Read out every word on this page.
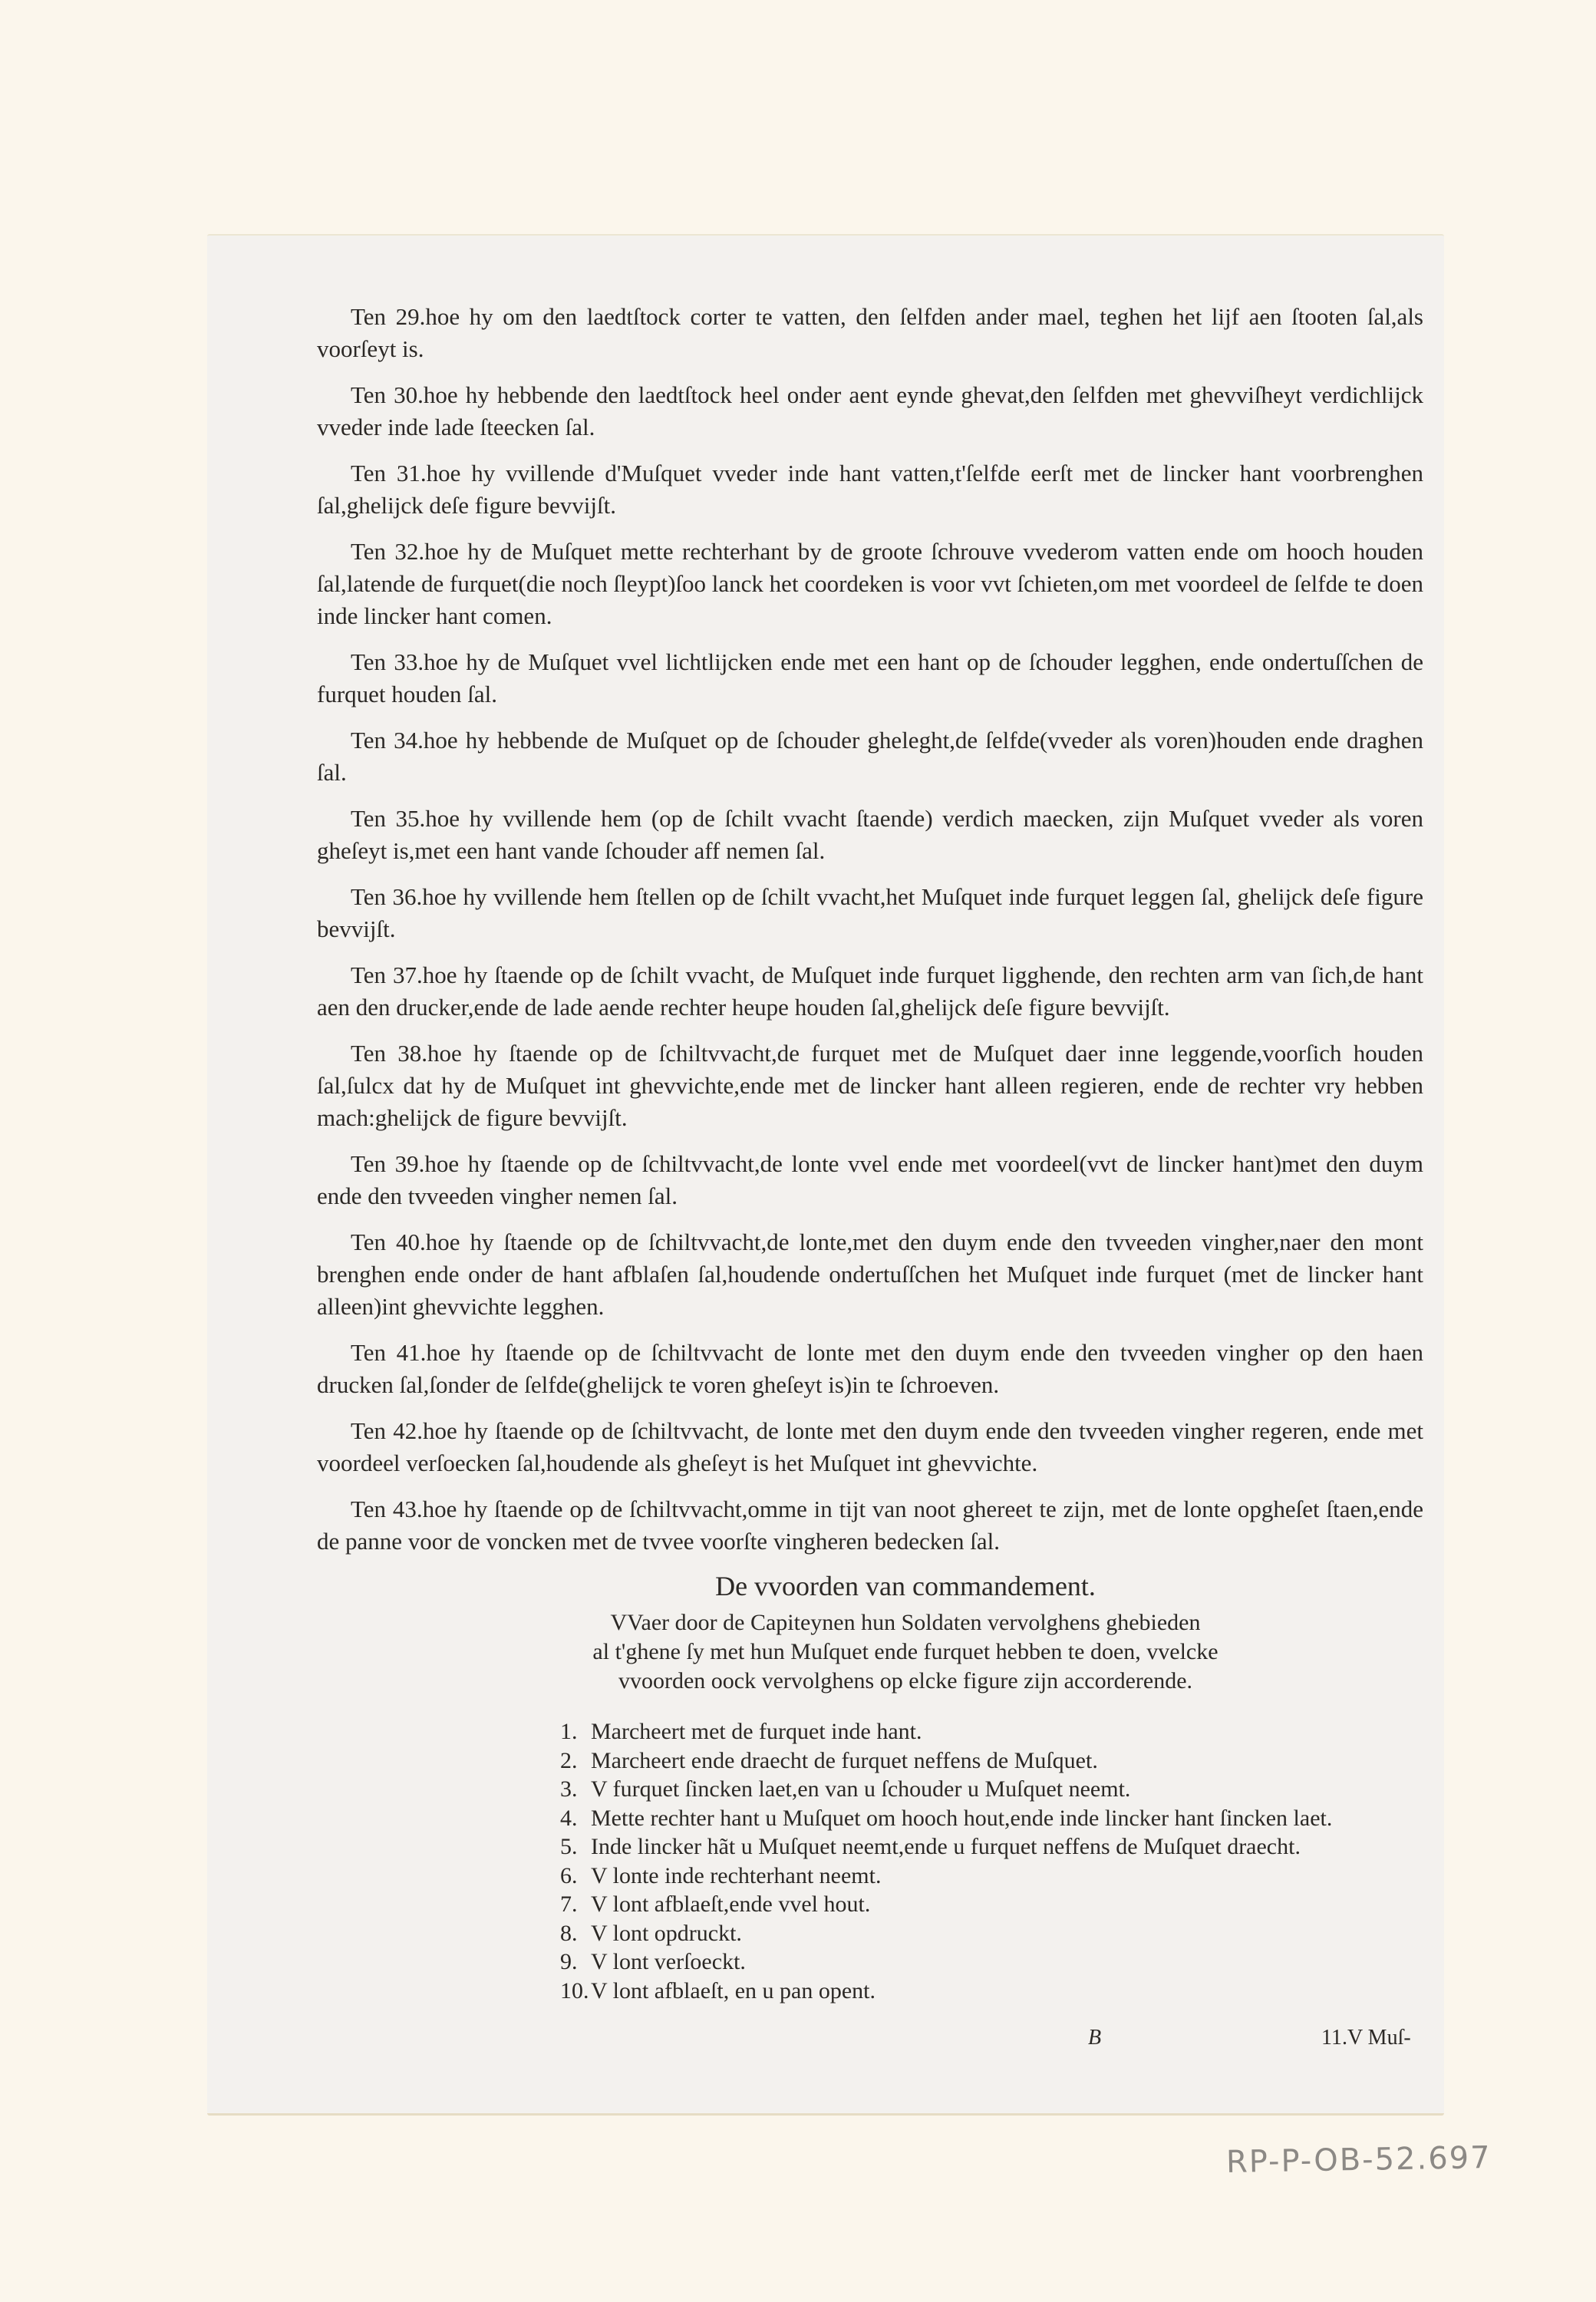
Ten 29.hoe hy om den laedtſtock corter te vatten, den ſelfden ander mael, teghen het lijf aen ſtooten ſal,als voorſeyt is.

Ten 30.hoe hy hebbende den laedtſtock heel onder aent eynde ghevat,den ſelfden met ghevviſheyt verdichlijck vveder inde lade ſteecken ſal.

Ten 31.hoe hy vvillende d'Muſquet vveder inde hant vatten,t'ſelfde eerſt met de lincker hant voorbrenghen ſal,ghelijck deſe figure bevvijſt.

Ten 32.hoe hy de Muſquet mette rechterhant by de groote ſchrouve vvederom vatten ende om hooch houden ſal,latende de furquet(die noch ſleypt)ſoo lanck het coordeken is voor vvt ſchieten,om met voordeel de ſelfde te doen inde lincker hant comen.

Ten 33.hoe hy de Muſquet vvel lichtlijcken ende met een hant op de ſchouder legghen, ende ondertuſſchen de furquet houden ſal.

Ten 34.hoe hy hebbende de Muſquet op de ſchouder gheleght,de ſelfde(vveder als voren)houden ende draghen ſal.

Ten 35.hoe hy vvillende hem (op de ſchilt vvacht ſtaende) verdich maecken, zijn Muſquet vveder als voren gheſeyt is,met een hant vande ſchouder aff nemen ſal.

Ten 36.hoe hy vvillende hem ſtellen op de ſchilt vvacht,het Muſquet inde furquet leggen ſal, ghelijck deſe figure bevvijſt.

Ten 37.hoe hy ſtaende op de ſchilt vvacht, de Muſquet inde furquet ligghende, den rechten arm van ſich,de hant aen den drucker,ende de lade aende rechter heupe houden ſal,ghelijck deſe figure bevvijſt.

Ten 38.hoe hy ſtaende op de ſchiltvvacht,de furquet met de Muſquet daer inne leggende,voorſich houden ſal,ſulcx dat hy de Muſquet int ghevvichte,ende met de lincker hant alleen regieren, ende de rechter vry hebben mach:ghelijck de figure bevvijſt.

Ten 39.hoe hy ſtaende op de ſchiltvvacht,de lonte vvel ende met voordeel(vvt de lincker hant)met den duym ende den tvveeden vingher nemen ſal.

Ten 40.hoe hy ſtaende op de ſchiltvvacht,de lonte,met den duym ende den tvveeden vingher,naer den mont brenghen ende onder de hant afblaſen ſal,houdende ondertuſſchen het Muſquet inde furquet (met de lincker hant alleen)int ghevvichte legghen.

Ten 41.hoe hy ſtaende op de ſchiltvvacht de lonte met den duym ende den tvveeden vingher op den haen drucken ſal,ſonder de ſelfde(ghelijck te voren gheſeyt is)in te ſchroeven.

Ten 42.hoe hy ſtaende op de ſchiltvvacht, de lonte met den duym ende den tvveeden vingher regeren, ende met voordeel verſoecken ſal,houdende als gheſeyt is het Muſquet int ghevvichte.

Ten 43.hoe hy ſtaende op de ſchiltvvacht,omme in tijt van noot ghereet te zijn, met de lonte opgheſet ſtaen,ende de panne voor de voncken met de tvvee voorſte vingheren bedecken ſal.

De vvoorden van commandement.
VVaer door de Capiteynen hun Soldaten vervolghens ghebieden
al t'ghene ſy met hun Muſquet ende furquet hebben te doen, vvelcke
vvoorden oock vervolghens op elcke figure zijn accorderende.
1. Marcheert met de furquet inde hant.
2. Marcheert ende draecht de furquet neffens de Muſquet.
3. V furquet ſincken laet,en van u ſchouder u Muſquet neemt.
4. Mette rechter hant u Muſquet om hooch hout,ende inde lincker hant ſincken laet.
5. Inde lincker hãt u Muſquet neemt,ende u furquet neffens de Muſquet draecht.
6. V lonte inde rechterhant neemt.
7. V lont afblaeſt,ende vvel hout.
8. V lont opdruckt.
9. V lont verſoeckt.
10. V lont afblaeſt, en u pan opent.
B	11.V Muſ-
RP-P-OB-52.697
